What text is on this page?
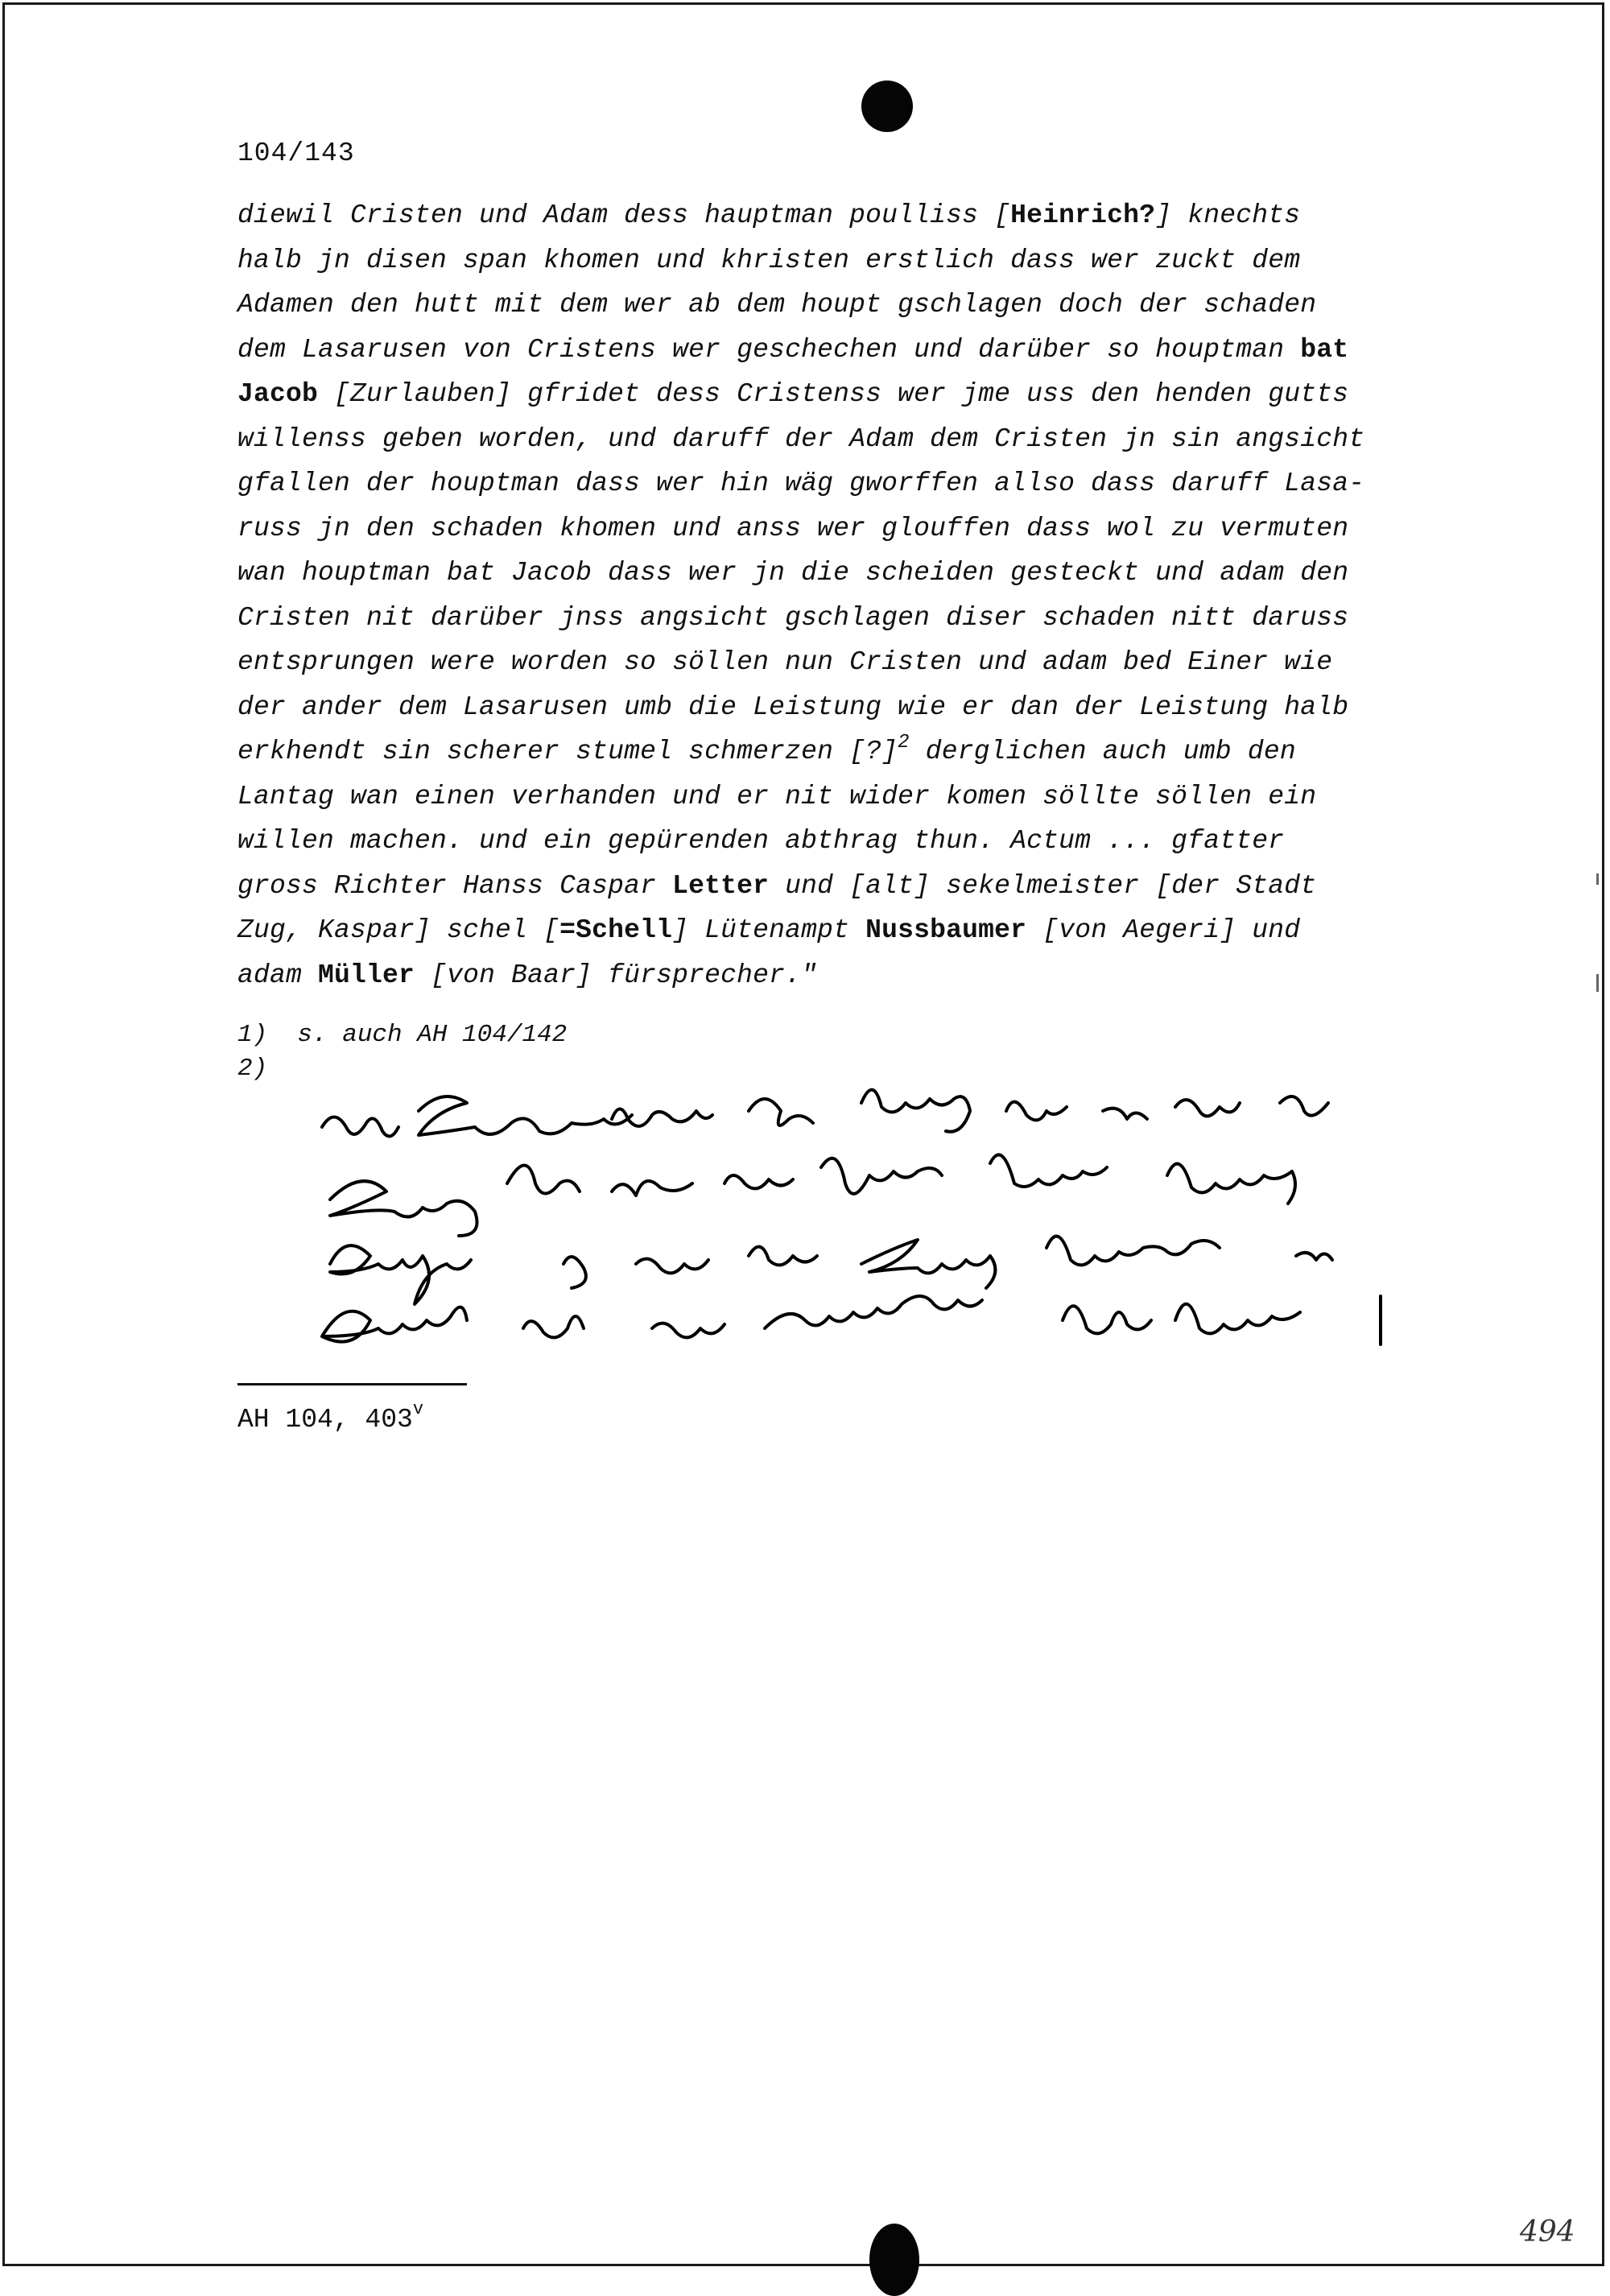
104/143
diewil Cristen und Adam dess hauptman poulliss [Heinrich?] knechts
halb jn disen span khomen und khristen erstlich dass wer zuckt dem
Adamen den hutt mit dem wer ab dem houpt gschlagen doch der schaden
dem Lasarusen von Cristens wer geschechen und darüber so houptman bat
Jacob [Zurlauben] gfridet dess Cristenss wer jme uss den henden gutts
willenss geben worden, und daruff der Adam dem Cristen jn sin angsicht
gfallen der houptman dass wer hin wäg gworffen allso dass daruff Lasa-
russ jn den schaden khomen und anss wer glouffen dass wol zu vermuten
wan houptman bat Jacob dass wer jn die scheiden gesteckt und adam den
Cristen nit darüber jnss angsicht gschlagen diser schaden nitt daruss
entsprungen were worden so söllen nun Cristen und adam bed Einer wie
der ander dem Lasarusen umb die Leistung wie er dan der Leistung halb
erkhendt sin scherer stumel schmerzen [?]$^2$ derglichen auch umb den
Lantag wan einen verhanden und er nit wider komen söllte söllen ein
willen machen. und ein gepürenden abthrag thun. Actum ... gfatter
gross Richter Hanss Caspar Letter und [alt] sekelmeister [der Stadt
Zug, Kaspar] schel [=Schell] Lütenampt Nussbaumer [von Aegeri] und
adam Müller [von Baar] fürsprecher."
1)  s. auch AH 104/142
2)
AH 104, 403$^v$
494
